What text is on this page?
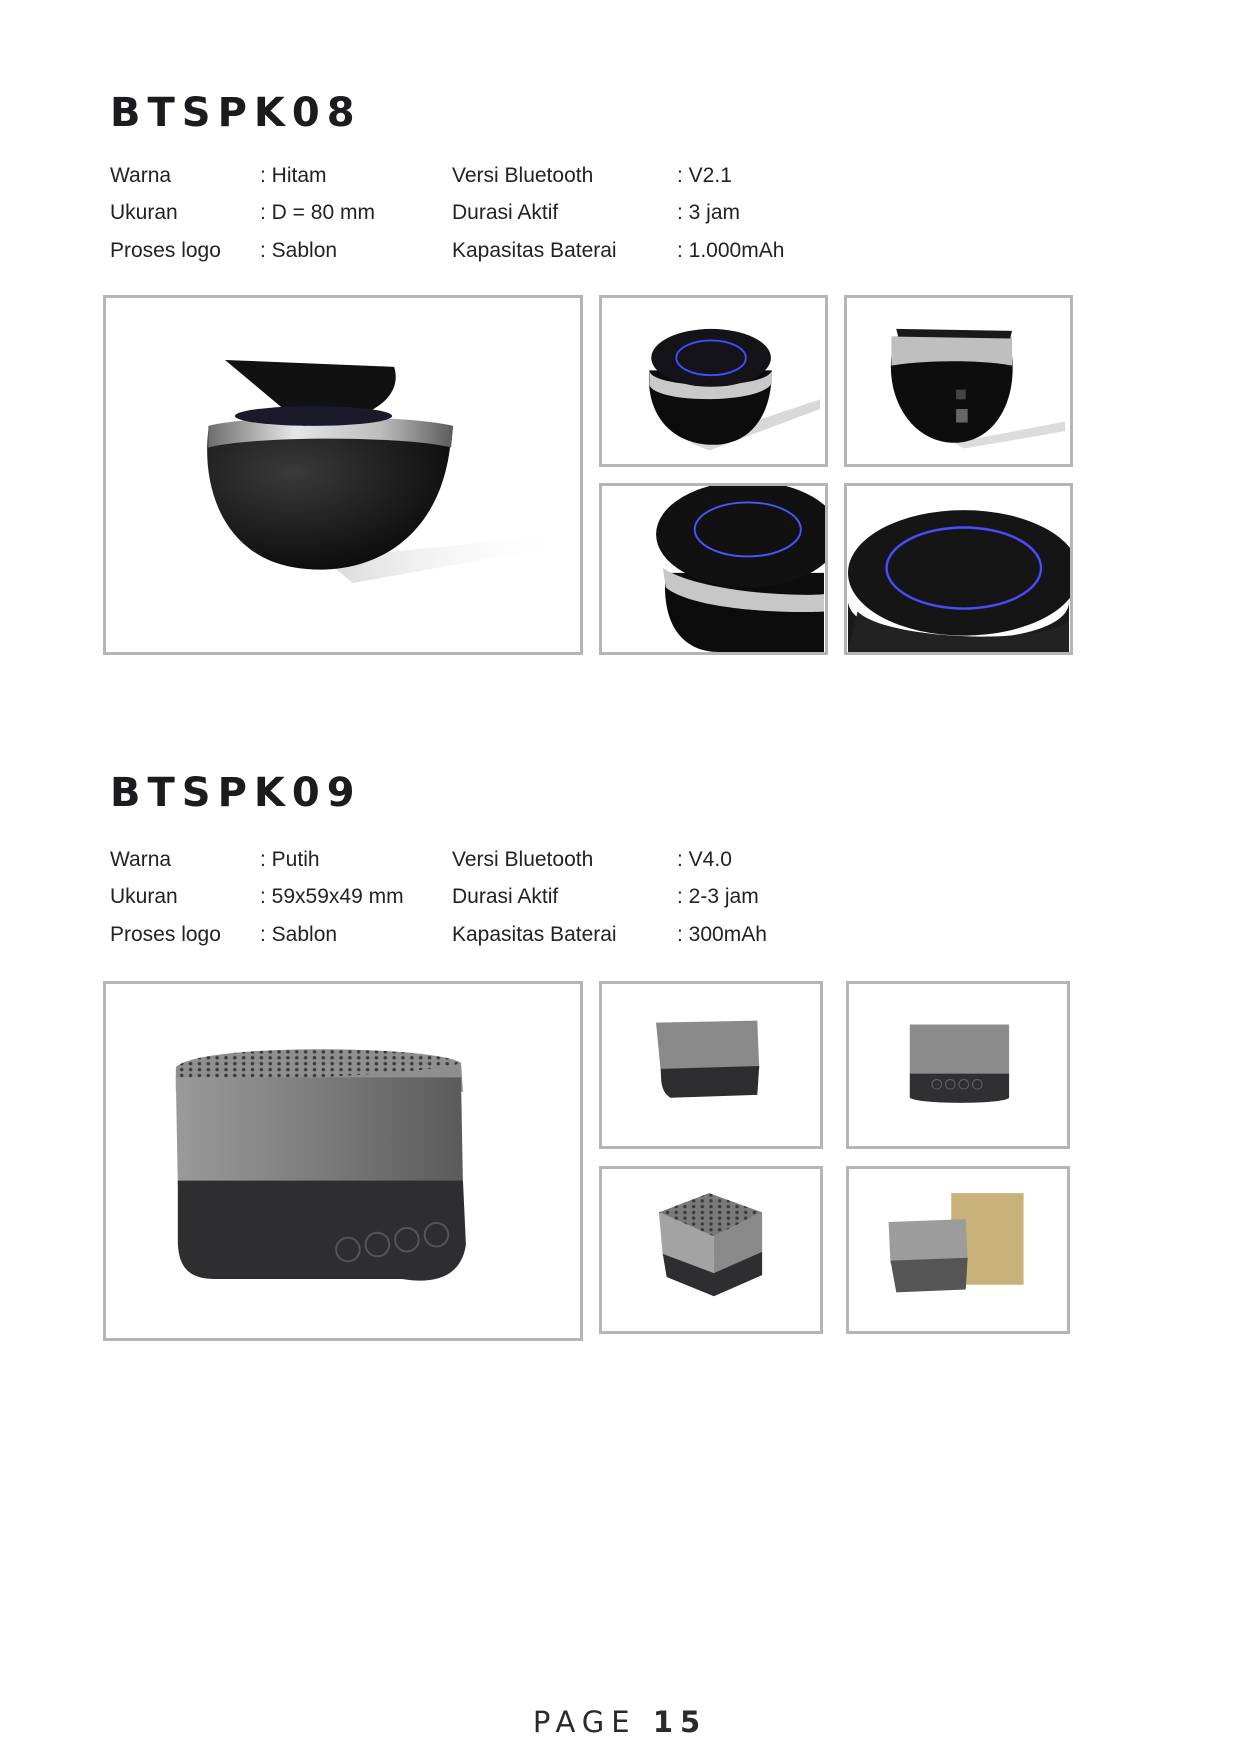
BTSPK08
Warna	: Hitam	Versi Bluetooth	: V2.1
Ukuran	: D = 80 mm	Durasi Aktif	: 3 jam
Proses logo : Sablon	Kapasitas Baterai	: 1.000mAh
BTSPK09
Warna	: Putih	Versi Bluetooth	: V4.0
Ukuran	: 59x59x49 mm Durasi Aktif	: 2-3 jam
Proses logo : Sablon	Kapasitas Baterai	: 300mAh
PAGE 15
